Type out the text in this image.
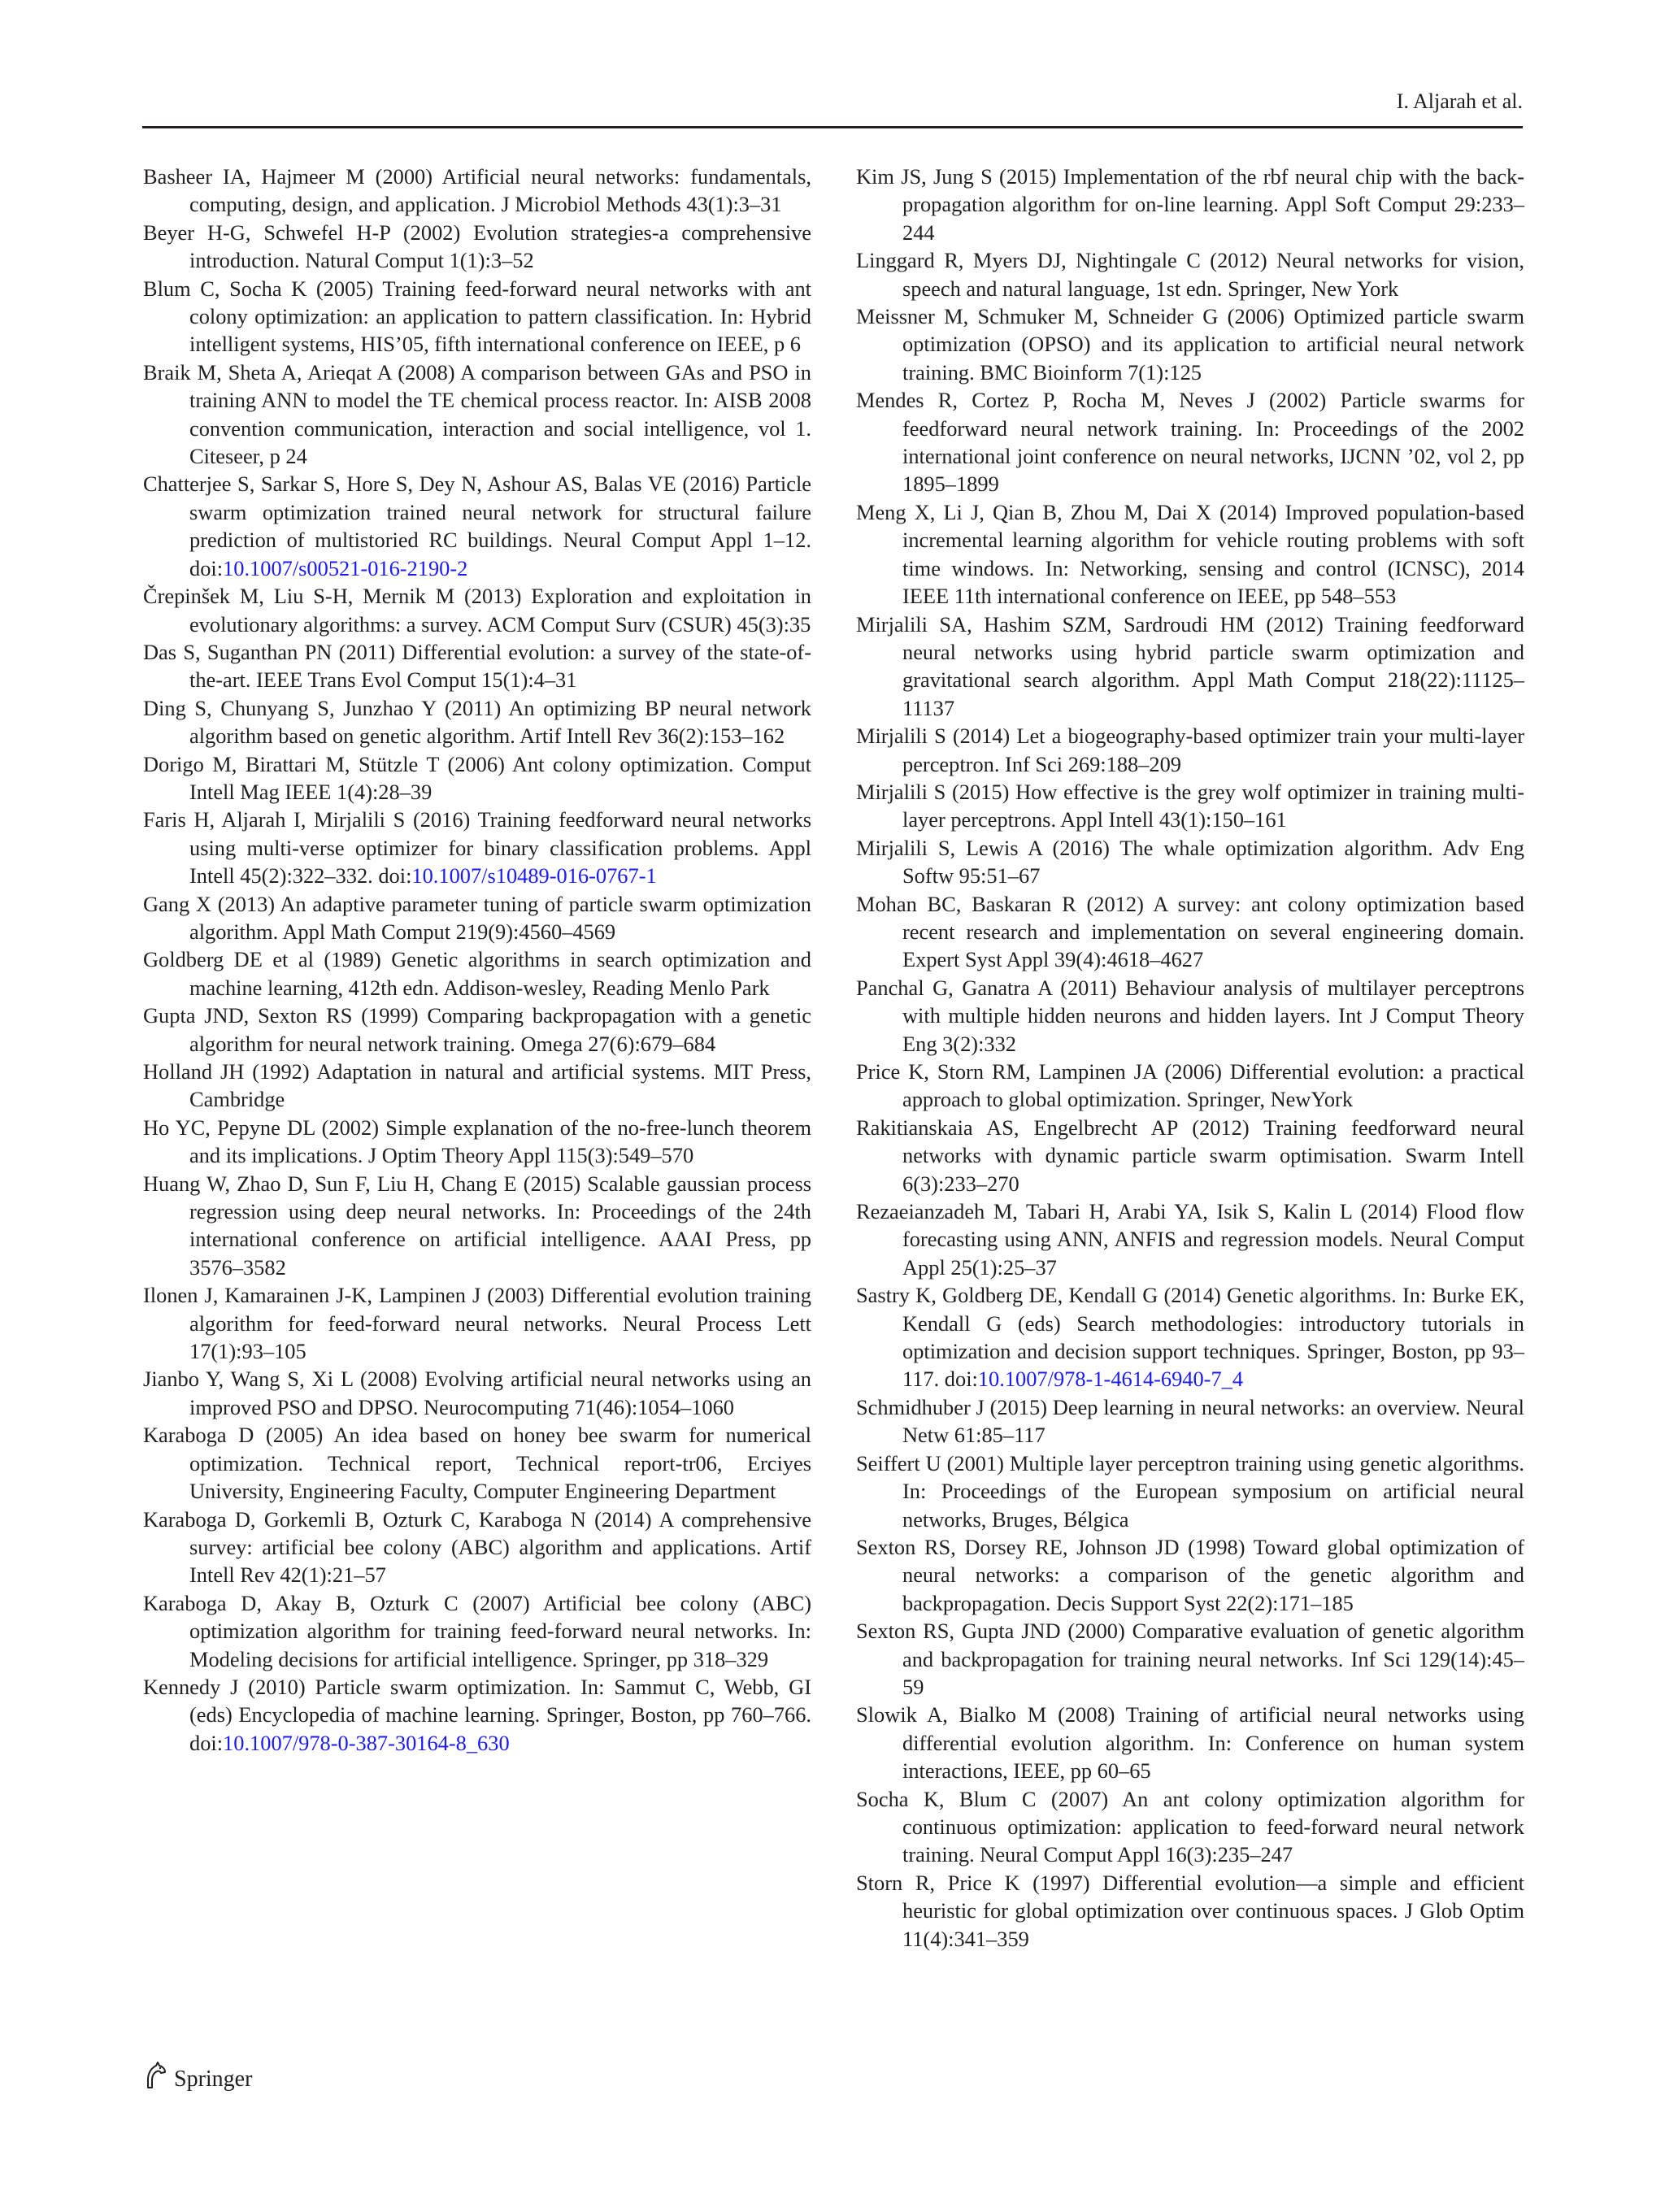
I. Aljarah et al.

Basheer IA, Hajmeer M (2000) Artificial neural networks: fundamentals, computing, design, and application. J Microbiol Methods 43(1):3–31

Beyer H-G, Schwefel H-P (2002) Evolution strategies-a comprehensive introduction. Natural Comput 1(1):3–52

Blum C, Socha K (2005) Training feed-forward neural networks with ant colony optimization: an application to pattern classification. In: Hybrid intelligent systems, HIS’05, fifth international conference on IEEE, p 6

Braik M, Sheta A, Arieqat A (2008) A comparison between GAs and PSO in training ANN to model the TE chemical process reactor. In: AISB 2008 convention communication, interaction and social intelligence, vol 1. Citeseer, p 24

Chatterjee S, Sarkar S, Hore S, Dey N, Ashour AS, Balas VE (2016) Particle swarm optimization trained neural network for structural failure prediction of multistoried RC buildings. Neural Comput Appl 1–12. doi:10.1007/s00521-016-2190-2

Črepinšek M, Liu S-H, Mernik M (2013) Exploration and exploitation in evolutionary algorithms: a survey. ACM Comput Surv (CSUR) 45(3):35

Das S, Suganthan PN (2011) Differential evolution: a survey of the state-of-the-art. IEEE Trans Evol Comput 15(1):4–31

Ding S, Chunyang S, Junzhao Y (2011) An optimizing BP neural network algorithm based on genetic algorithm. Artif Intell Rev 36(2):153–162

Dorigo M, Birattari M, Stützle T (2006) Ant colony optimization. Comput Intell Mag IEEE 1(4):28–39

Faris H, Aljarah I, Mirjalili S (2016) Training feedforward neural networks using multi-verse optimizer for binary classification problems. Appl Intell 45(2):322–332. doi:10.1007/s10489-016-0767-1

Gang X (2013) An adaptive parameter tuning of particle swarm optimization algorithm. Appl Math Comput 219(9):4560–4569

Goldberg DE et al (1989) Genetic algorithms in search optimization and machine learning, 412th edn. Addison-wesley, Reading Menlo Park

Gupta JND, Sexton RS (1999) Comparing backpropagation with a genetic algorithm for neural network training. Omega 27(6):679–684

Holland JH (1992) Adaptation in natural and artificial systems. MIT Press, Cambridge

Ho YC, Pepyne DL (2002) Simple explanation of the no-free-lunch theorem and its implications. J Optim Theory Appl 115(3):549–570

Huang W, Zhao D, Sun F, Liu H, Chang E (2015) Scalable gaussian process regression using deep neural networks. In: Proceedings of the 24th international conference on artificial intelligence. AAAI Press, pp 3576–3582

Ilonen J, Kamarainen J-K, Lampinen J (2003) Differential evolution training algorithm for feed-forward neural networks. Neural Process Lett 17(1):93–105

Jianbo Y, Wang S, Xi L (2008) Evolving artificial neural networks using an improved PSO and DPSO. Neurocomputing 71(46):1054–1060

Karaboga D (2005) An idea based on honey bee swarm for numerical optimization. Technical report, Technical report-tr06, Erciyes University, Engineering Faculty, Computer Engineering Department

Karaboga D, Gorkemli B, Ozturk C, Karaboga N (2014) A comprehensive survey: artificial bee colony (ABC) algorithm and applications. Artif Intell Rev 42(1):21–57

Karaboga D, Akay B, Ozturk C (2007) Artificial bee colony (ABC) optimization algorithm for training feed-forward neural networks. In: Modeling decisions for artificial intelligence. Springer, pp 318–329

Kennedy J (2010) Particle swarm optimization. In: Sammut C, Webb, GI (eds) Encyclopedia of machine learning. Springer, Boston, pp 760–766. doi:10.1007/978-0-387-30164-8_630

Kim JS, Jung S (2015) Implementation of the rbf neural chip with the back-propagation algorithm for on-line learning. Appl Soft Comput 29:233–244

Linggard R, Myers DJ, Nightingale C (2012) Neural networks for vision, speech and natural language, 1st edn. Springer, New York

Meissner M, Schmuker M, Schneider G (2006) Optimized particle swarm optimization (OPSO) and its application to artificial neural network training. BMC Bioinform 7(1):125

Mendes R, Cortez P, Rocha M, Neves J (2002) Particle swarms for feedforward neural network training. In: Proceedings of the 2002 international joint conference on neural networks, IJCNN ’02, vol 2, pp 1895–1899

Meng X, Li J, Qian B, Zhou M, Dai X (2014) Improved population-based incremental learning algorithm for vehicle routing problems with soft time windows. In: Networking, sensing and control (ICNSC), 2014 IEEE 11th international conference on IEEE, pp 548–553

Mirjalili SA, Hashim SZM, Sardroudi HM (2012) Training feedforward neural networks using hybrid particle swarm optimization and gravitational search algorithm. Appl Math Comput 218(22):11125–11137

Mirjalili S (2014) Let a biogeography-based optimizer train your multi-layer perceptron. Inf Sci 269:188–209

Mirjalili S (2015) How effective is the grey wolf optimizer in training multi-layer perceptrons. Appl Intell 43(1):150–161

Mirjalili S, Lewis A (2016) The whale optimization algorithm. Adv Eng Softw 95:51–67

Mohan BC, Baskaran R (2012) A survey: ant colony optimization based recent research and implementation on several engineering domain. Expert Syst Appl 39(4):4618–4627

Panchal G, Ganatra A (2011) Behaviour analysis of multilayer perceptrons with multiple hidden neurons and hidden layers. Int J Comput Theory Eng 3(2):332

Price K, Storn RM, Lampinen JA (2006) Differential evolution: a practical approach to global optimization. Springer, NewYork

Rakitianskaia AS, Engelbrecht AP (2012) Training feedforward neural networks with dynamic particle swarm optimisation. Swarm Intell 6(3):233–270

Rezaeianzadeh M, Tabari H, Arabi YA, Isik S, Kalin L (2014) Flood flow forecasting using ANN, ANFIS and regression models. Neural Comput Appl 25(1):25–37

Sastry K, Goldberg DE, Kendall G (2014) Genetic algorithms. In: Burke EK, Kendall G (eds) Search methodologies: introductory tutorials in optimization and decision support techniques. Springer, Boston, pp 93–117. doi:10.1007/978-1-4614-6940-7_4

Schmidhuber J (2015) Deep learning in neural networks: an overview. Neural Netw 61:85–117

Seiffert U (2001) Multiple layer perceptron training using genetic algorithms. In: Proceedings of the European symposium on artificial neural networks, Bruges, Bélgica

Sexton RS, Dorsey RE, Johnson JD (1998) Toward global optimization of neural networks: a comparison of the genetic algorithm and backpropagation. Decis Support Syst 22(2):171–185

Sexton RS, Gupta JND (2000) Comparative evaluation of genetic algorithm and backpropagation for training neural networks. Inf Sci 129(14):45–59

Slowik A, Bialko M (2008) Training of artificial neural networks using differential evolution algorithm. In: Conference on human system interactions, IEEE, pp 60–65

Socha K, Blum C (2007) An ant colony optimization algorithm for continuous optimization: application to feed-forward neural network training. Neural Comput Appl 16(3):235–247

Storn R, Price K (1997) Differential evolution—a simple and efficient heuristic for global optimization over continuous spaces. J Glob Optim 11(4):341–359

Springer
